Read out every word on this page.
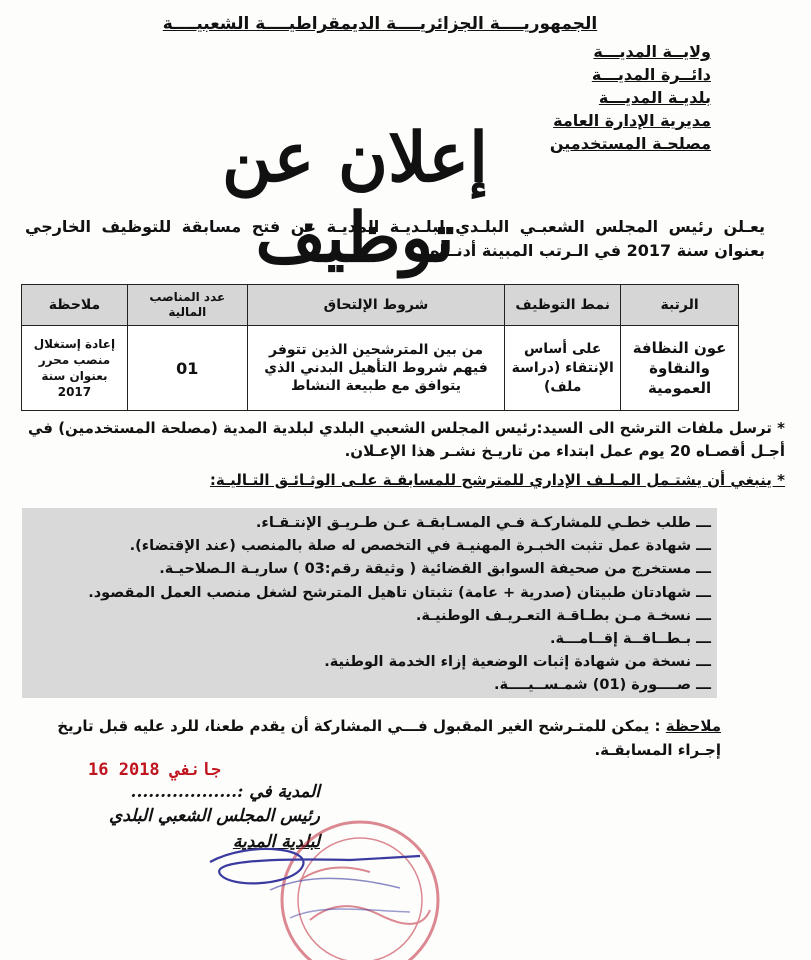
الجمهوريــــة الجزائريــــة الديمقراطيــــة الشعبيــــة
ولايــة المديـــة
دائــرة المديـــة
بلديـة المديـــة
مديرية الإدارة العامة
مصلحـة المستخدمين
إعلان عن توظيف
يعـلن رئيس المجلس الشعبـي البلـدي لبلـديـة المديـة عن فتح مسابقة للتوظيف الخارجي بعنوان سنة 2017 في الـرتب المبينة أدنــاه:
الرتبة	نمط التوظيف	شروط الإلتحاق	عدد المناصب المالية	ملاحظة
عون النظافة والنقاوة العمومية	على أساس الإنتقاء (دراسة ملف)	من بين المترشحين الذين تتوفر فيهم شروط التأهيل البدني الذي يتوافق مع طبيعة النشاط	01	إعادة إستغلال منصب محرر بعنوان سنة 2017
* ترسل ملفات الترشح الى السيد:رئيس المجلس الشعبي البلدي لبلدية المدية (مصلحة المستخدمين) في أجـل أقصـاه 20 يوم عمل ابتداء من تاريـخ نشـر هذا الإعـلان.
* ينبغي أن يشتـمل المـلـف الإداري للمترشح للمسابقـة علـى الوثـائـق التـاليـة:
ـــ طلب خطـي للمشاركـة فـي المسـابقـة عـن طـريـق الإنتـقـاء.
ـــ شهادة عمل تثبت الخبـرة المهنيـة في التخصص له صلة بالمنصب (عند الإقتضاء).
ـــ مستخرج من صحيفة السوابق القضائية ( وثيقة رقم:03 ) ساريـة الـصلاحيـة.
ـــ شهادتان طبيتان (صدرية + عامة) تثبتان تاهيل المترشح لشغل منصب العمل المقصود.
ـــ نسخـة مـن بطـاقـة التعـريـف الوطنيـة.
ـــ بـطــاقــة إقــامـــة.
ـــ نسخة من شهادة إثبات الوضعية إزاء الخدمة الوطنية.
ـــ صــــورة (01) شمـســيــــة.
ملاحظة : يمكن للمتـرشح الغير المقبول فـــي المشاركة أن يقدم طعنا، للرد عليه قبل تاريخ إجـراء المسابقـة.
16 جانفي 2018
المدية في :..................
رئيس المجلس الشعبي البلدي
لبلدية المدية
